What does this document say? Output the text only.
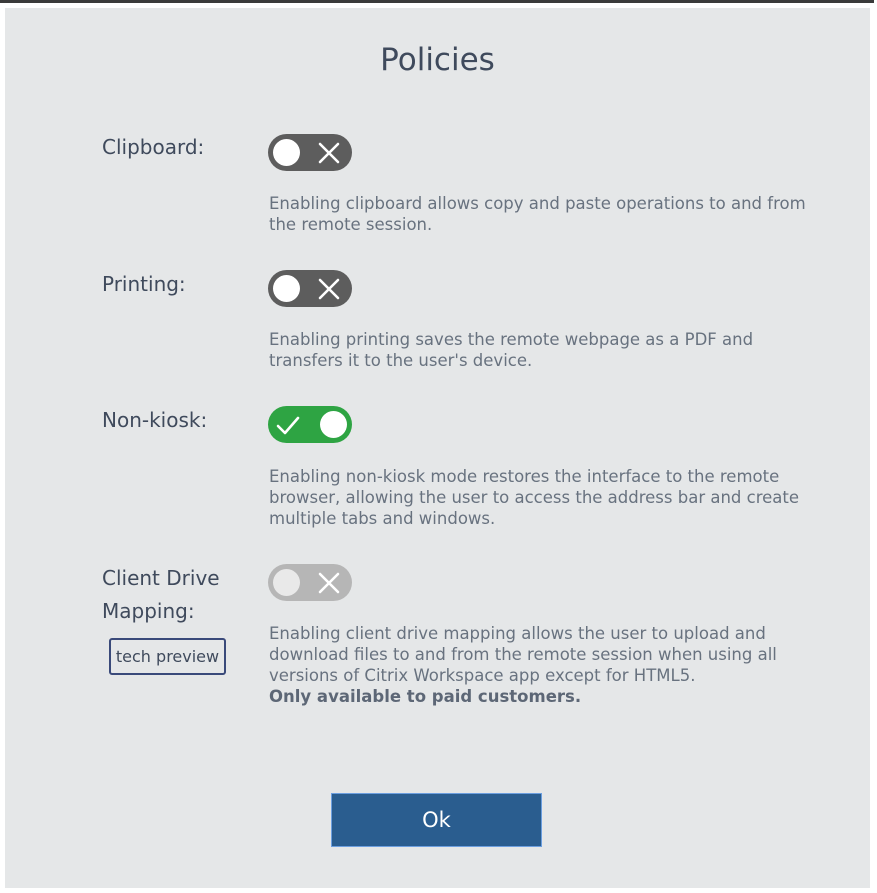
Policies
Clipboard:
Enabling clipboard allows copy and paste operations to and from the remote session.
Printing:
Enabling printing saves the remote webpage as a PDF and transfers it to the user's device.
Non-kiosk:
Enabling non-kiosk mode restores the interface to the remote browser, allowing the user to access the address bar and create multiple tabs and windows.
Client Drive
Mapping:
tech preview
Enabling client drive mapping allows the user to upload and download files to and from the remote session when using all versions of Citrix Workspace app except for HTML5.
Only available to paid customers.
Ok
